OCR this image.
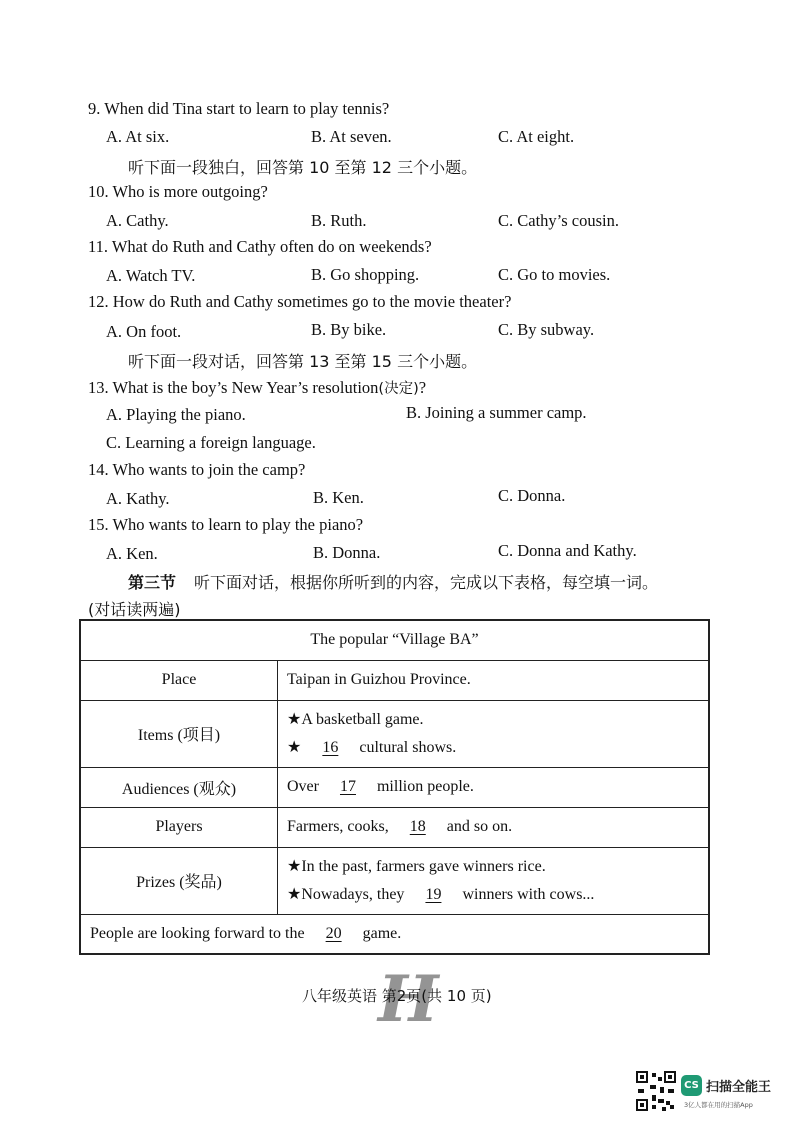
9. When did Tina start to learn to play tennis?
A. At six.	B. At seven.	C. At eight.
听下面一段独白，回答第 10 至第 12 三个小题。
10. Who is more outgoing?
A. Cathy.	B. Ruth.	C. Cathy’s cousin.
11. What do Ruth and Cathy often do on weekends?
A. Watch TV.	B. Go shopping.	C. Go to movies.
12. How do Ruth and Cathy sometimes go to the movie theater?
A. On foot.	B. By bike.	C. By subway.
听下面一段对话，回答第 13 至第 15 三个小题。
13. What is the boy’s New Year’s resolution(决定)?
A. Playing the piano.	B. Joining a summer camp.
C. Learning a foreign language.
14. Who wants to join the camp?
A. Kathy.	B. Ken.	C. Donna.
15. Who wants to learn to play the piano?
A. Ken.	B. Donna.	C. Donna and Kathy.
第三节 听下面对话，根据你所听到的内容，完成以下表格，每空填一词。
(对话读两遍)
The popular “Village BA”	
Place	Taipan in Guizhou Province.
Items (项目)	★A basketball game.
★ 16 cultural shows.

Audiences (观众)	Over 17 million people.
Players	Farmers, cooks, 18 and so on.
Prizes (奖品)	★In the past, farmers gave winners rice.
★Nowadays, they 19 winners with cows...

People are looking forward to the 20 game.	
H
八年级英语 第2页(共 10 页)
CS 扫描全能王
3亿人都在用的扫描App
